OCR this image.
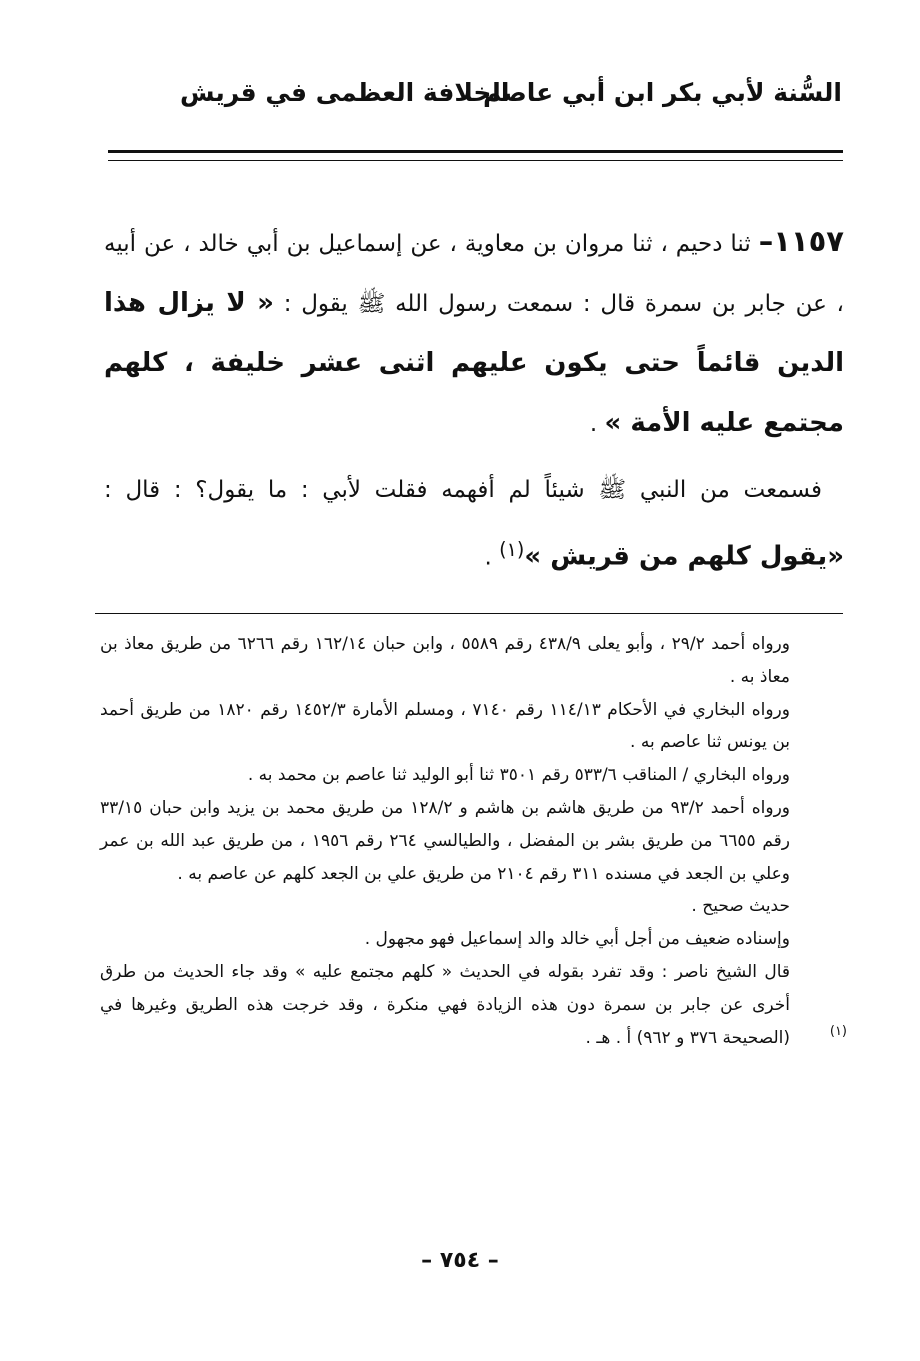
السُّنة لأبي بكر ابن أبي عاصم
الخلافة العظمى في قريش

١١٥٧– ثنا دحيم ، ثنا مروان بن معاوية ، عن إسماعيل بن أبي خالد ، عن أبيه ، عن جابر بن سمرة قال : سمعت رسول الله ﷺ يقول : « لا يزال هذا الدين قائماً حتى يكون عليهم اثنى عشر خليفة ، كلهم مجتمع عليه الأمة » .

فسمعت من النبي ﷺ شيئاً لم أفهمه فقلت لأبي : ما يقول؟ : قال : «يقول كلهم من قريش »$^{(١)}$ .

(١)

ورواه أحمد ٢٩/٢ ، وأبو يعلى ٤٣٨/٩ رقم ٥٥٨٩ ، وابن حبان ١٦٢/١٤ رقم ٦٢٦٦ من طريق معاذ بن معاذ به .

ورواه البخاري في الأحكام ١١٤/١٣ رقم ٧١٤٠ ، ومسلم الأمارة ١٤٥٢/٣ رقم ١٨٢٠ من طريق أحمد بن يونس ثنا عاصم به .

ورواه البخاري / المناقب ٥٣٣/٦ رقم ٣٥٠١ ثنا أبو الوليد ثنا عاصم بن محمد به .

ورواه أحمد ٩٣/٢ من طريق هاشم بن هاشم و ١٢٨/٢ من طريق محمد بن يزيد وابن حبان ٣٣/١٥ رقم ٦٦٥٥ من طريق بشر بن المفضل ، والطيالسي ٢٦٤ رقم ١٩٥٦ ، من طريق عبد الله بن عمر وعلي بن الجعد في مسنده ٣١١ رقم ٢١٠٤ من طريق علي بن الجعد كلهم عن عاصم به .

حديث صحيح .

وإسناده ضعيف من أجل أبي خالد والد إسماعيل فهو مجهول .

قال الشيخ ناصر : وقد تفرد بقوله في الحديث « كلهم مجتمع عليه » وقد جاء الحديث من طرق أخرى عن جابر بن سمرة دون هذه الزيادة فهي منكرة ، وقد خرجت هذه الطريق وغيرها في (الصحيحة ٣٧٦ و ٩٦٢) أ . هـ .

– ٧٥٤ –
